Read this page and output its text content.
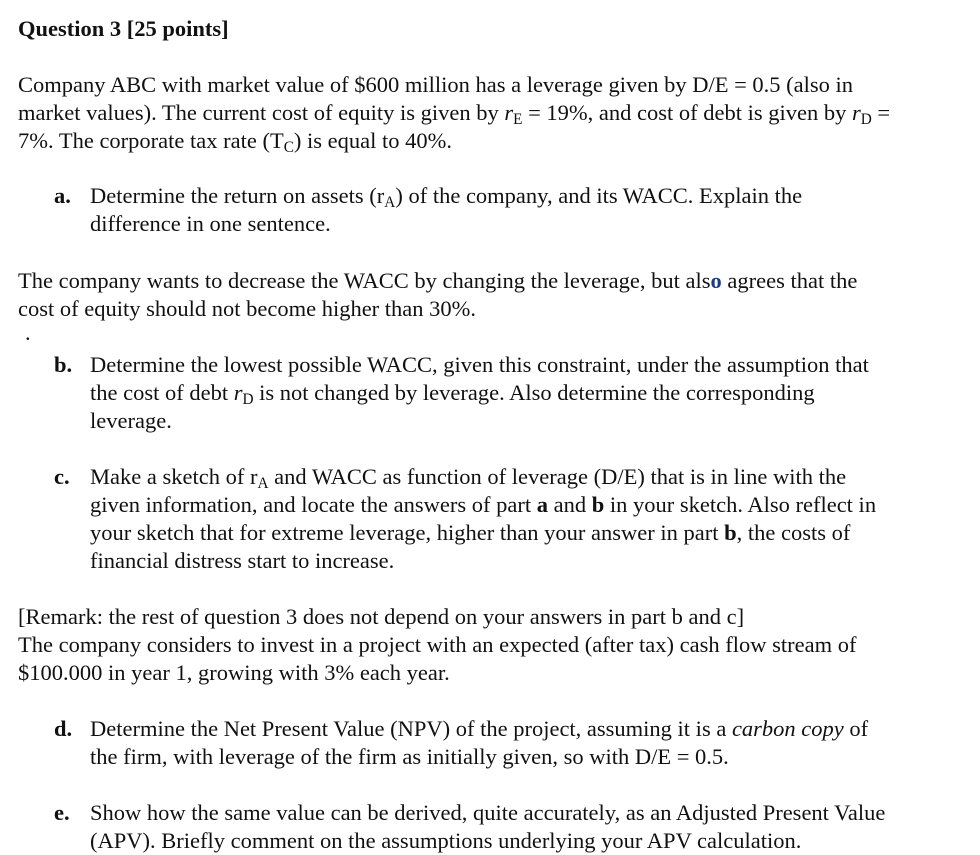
Question 3 [25 points]

Company ABC with market value of $600 million has a leverage given by D/E = 0.5 (also in

market values). The current cost of equity is given by $r_E = 19\%$, and cost of debt is given by $r_D$ =

7%. The corporate tax rate $(T_C)$ is equal to 40%.

a. Determine the return on assets $(r_A)$ of the company, and its WACC. Explain the

difference in one sentence.

The company wants to decrease the WACC by changing the leverage, but also agrees that the

cost of equity should not become higher than 30%.

.
b. Determine the lowest possible WACC, given this constraint, under the assumption that

the cost of debt $r_D$ is not changed by leverage. Also determine the corresponding

leverage.

c. Make a sketch of $r_A$ and WACC as function of leverage (D/E) that is in line with the

given information, and locate the answers of part a and b in your sketch. Also reflect in

your sketch that for extreme leverage, higher than your answer in part b, the costs of

financial distress start to increase.

[Remark: the rest of question 3 does not depend on your answers in part b and c]

The company considers to invest in a project with an expected (after tax) cash flow stream of

$100.000 in year 1, growing with 3% each year.

d. Determine the Net Present Value (NPV) of the project, assuming it is a carbon copy of

the firm, with leverage of the firm as initially given, so with D/E = 0.5.

e. Show how the same value can be derived, quite accurately, as an Adjusted Present Value

(APV). Briefly comment on the assumptions underlying your APV calculation.
